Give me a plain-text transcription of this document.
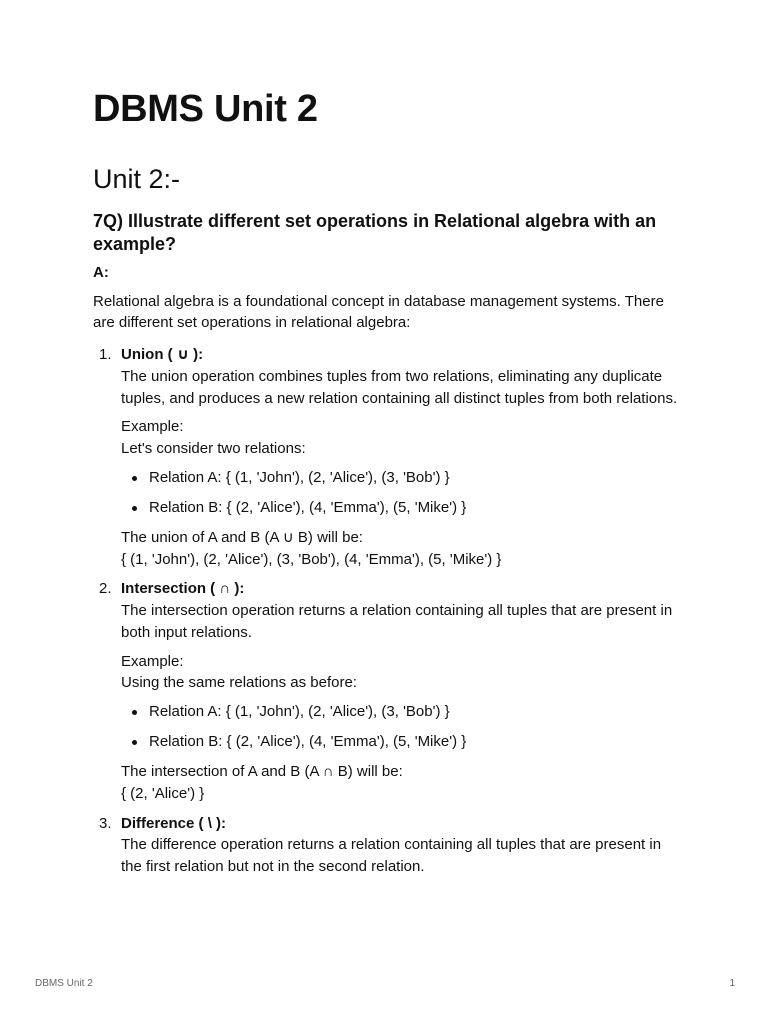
DBMS Unit 2
Unit 2:-
7Q) Illustrate different set operations in Relational algebra with an example?

A:

Relational algebra is a foundational concept in database management systems. There are different set operations in relational algebra:

1. Union ( ∪ ):
The union operation combines tuples from two relations, eliminating any duplicate tuples, and produces a new relation containing all distinct tuples from both relations.
Example:
Let's consider two relations:
Relation A: { (1, 'John'), (2, 'Alice'), (3, 'Bob') }
Relation B: { (2, 'Alice'), (4, 'Emma'), (5, 'Mike') }
The union of A and B (A ∪ B) will be:
{ (1, 'John'), (2, 'Alice'), (3, 'Bob'), (4, 'Emma'), (5, 'Mike') }
2. Intersection ( ∩ ):
The intersection operation returns a relation containing all tuples that are present in both input relations.
Example:
Using the same relations as before:
Relation A: { (1, 'John'), (2, 'Alice'), (3, 'Bob') }
Relation B: { (2, 'Alice'), (4, 'Emma'), (5, 'Mike') }
The intersection of A and B (A ∩ B) will be:
{ (2, 'Alice') }
3. Difference ( \ ):
The difference operation returns a relation containing all tuples that are present in the first relation but not in the second relation.
DBMS Unit 2	1
